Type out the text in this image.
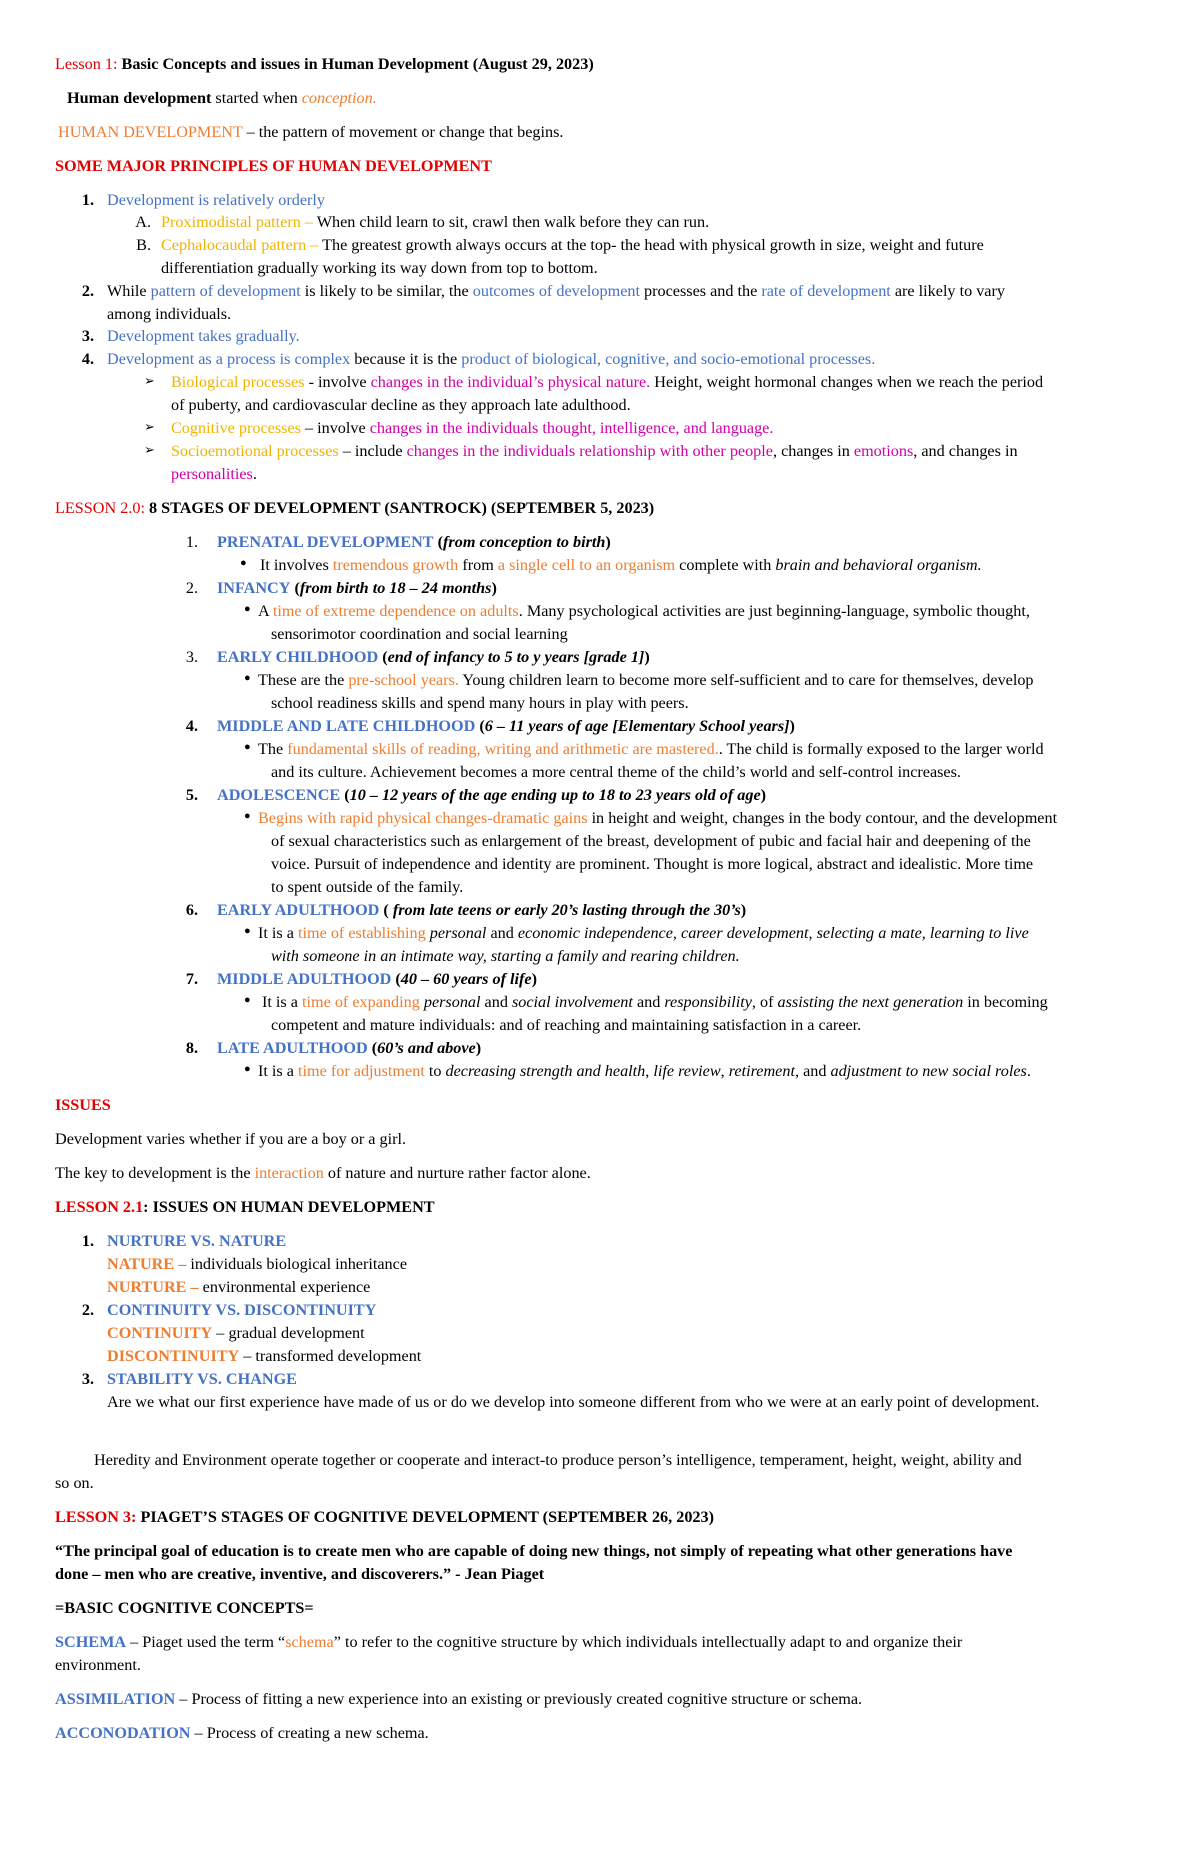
Lesson 1: Basic Concepts and issues in Human Development (August 29, 2023)

Human development started when conception.

HUMAN DEVELOPMENT – the pattern of movement or change that begins.

SOME MAJOR PRINCIPLES OF HUMAN DEVELOPMENT

1. Development is relatively orderly

A. Proximodistal pattern – When child learn to sit, crawl then walk before they can run.

B. Cephalocaudal pattern – The greatest growth always occurs at the top- the head with physical growth in size, weight and future

differentiation gradually working its way down from top to bottom.

2. While pattern of development is likely to be similar, the outcomes of development processes and the rate of development are likely to vary

among individuals.

3. Development takes gradually.

4. Development as a process is complex because it is the product of biological, cognitive, and socio-emotional processes.

➢ Biological processes - involve changes in the individual’s physical nature. Height, weight hormonal changes when we reach the period

of puberty, and cardiovascular decline as they approach late adulthood.

➢ Cognitive processes – involve changes in the individuals thought, intelligence, and language.

➢ Socioemotional processes – include changes in the individuals relationship with other people, changes in emotions, and changes in

personalities.

LESSON 2.0: 8 STAGES OF DEVELOPMENT (SANTROCK) (SEPTEMBER 5, 2023)

1. PRENATAL DEVELOPMENT (from conception to birth)

● It involves tremendous growth from a single cell to an organism complete with brain and behavioral organism.

2. INFANCY (from birth to 18 – 24 months)

● A time of extreme dependence on adults. Many psychological activities are just beginning-language, symbolic thought,

sensorimotor coordination and social learning

3. EARLY CHILDHOOD (end of infancy to 5 to y years [grade 1])

● These are the pre-school years. Young children learn to become more self-sufficient and to care for themselves, develop

school readiness skills and spend many hours in play with peers.

4. MIDDLE AND LATE CHILDHOOD (6 – 11 years of age [Elementary School years])

● The fundamental skills of reading, writing and arithmetic are mastered.. The child is formally exposed to the larger world

and its culture. Achievement becomes a more central theme of the child’s world and self-control increases.

5. ADOLESCENCE (10 – 12 years of the age ending up to 18 to 23 years old of age)

● Begins with rapid physical changes-dramatic gains in height and weight, changes in the body contour, and the development

of sexual characteristics such as enlargement of the breast, development of pubic and facial hair and deepening of the

voice. Pursuit of independence and identity are prominent. Thought is more logical, abstract and idealistic. More time

to spent outside of the family.

6. EARLY ADULTHOOD ( from late teens or early 20’s lasting through the 30’s)

● It is a time of establishing personal and economic independence, career development, selecting a mate, learning to live

with someone in an intimate way, starting a family and rearing children.

7. MIDDLE ADULTHOOD (40 – 60 years of life)

● It is a time of expanding personal and social involvement and responsibility, of assisting the next generation in becoming

competent and mature individuals: and of reaching and maintaining satisfaction in a career.

8. LATE ADULTHOOD (60’s and above)

● It is a time for adjustment to decreasing strength and health, life review, retirement, and adjustment to new social roles.

ISSUES

Development varies whether if you are a boy or a girl.

The key to development is the interaction of nature and nurture rather factor alone.

LESSON 2.1: ISSUES ON HUMAN DEVELOPMENT

1. NURTURE VS. NATURE

NATURE – individuals biological inheritance

NURTURE – environmental experience

2. CONTINUITY VS. DISCONTINUITY

CONTINUITY – gradual development

DISCONTINUITY – transformed development

3. STABILITY VS. CHANGE

Are we what our first experience have made of us or do we develop into someone different from who we were at an early point of development.

Heredity and Environment operate together or cooperate and interact-to produce person’s intelligence, temperament, height, weight, ability and

so on.

LESSON 3: PIAGET’S STAGES OF COGNITIVE DEVELOPMENT (SEPTEMBER 26, 2023)

“The principal goal of education is to create men who are capable of doing new things, not simply of repeating what other generations have

done – men who are creative, inventive, and discoverers.” - Jean Piaget

=BASIC COGNITIVE CONCEPTS=

SCHEMA – Piaget used the term “schema” to refer to the cognitive structure by which individuals intellectually adapt to and organize their

environment.

ASSIMILATION – Process of fitting a new experience into an existing or previously created cognitive structure or schema.

ACCONODATION – Process of creating a new schema.
